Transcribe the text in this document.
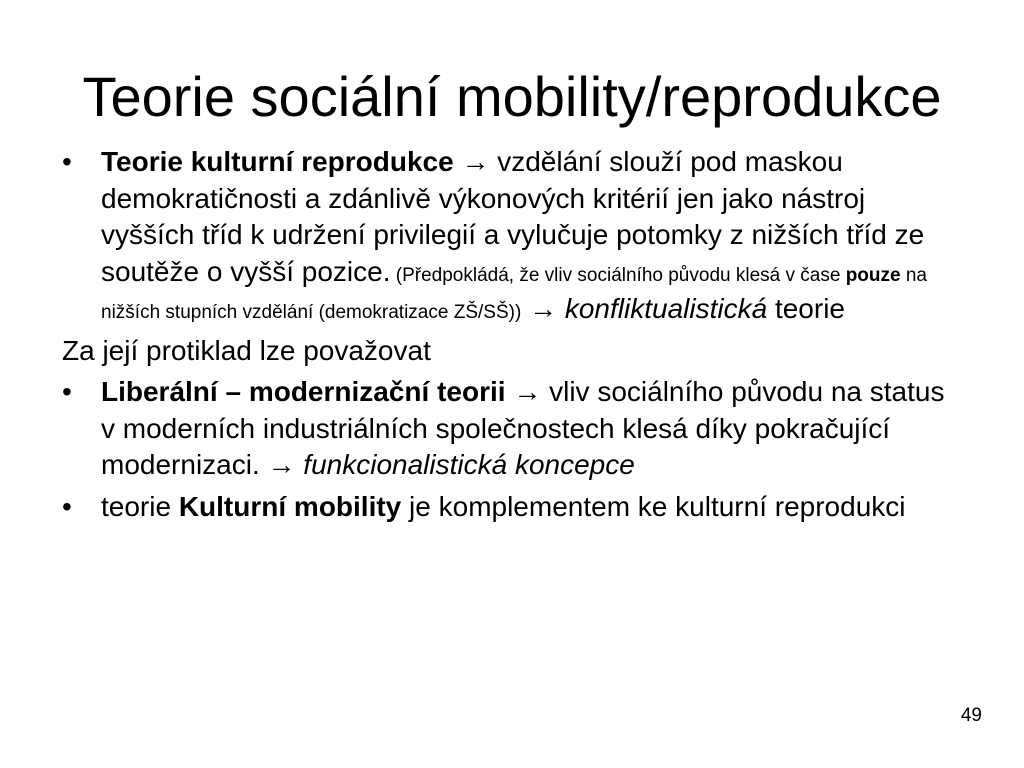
Teorie sociální mobility/reprodukce
• Teorie kulturní reprodukce → vzdělání slouží pod maskou demokratičnosti a zdánlivě výkonových kritérií jen jako nástroj vyšších tříd k udržení privilegií a vylučuje potomky z nižších tříd ze soutěže o vyšší pozice. (Předpokládá, že vliv sociálního původu klesá v čase pouze na nižších stupních vzdělání (demokratizace ZŠ/SŠ)) → konfliktualistická teorie
Za její protiklad lze považovat
• Liberální – modernizační teorii → vliv sociálního původu na status v moderních industriálních společnostech klesá díky pokračující modernizaci. → funkcionalistická koncepce
• teorie Kulturní mobility je komplementem ke kulturní reprodukci
49
